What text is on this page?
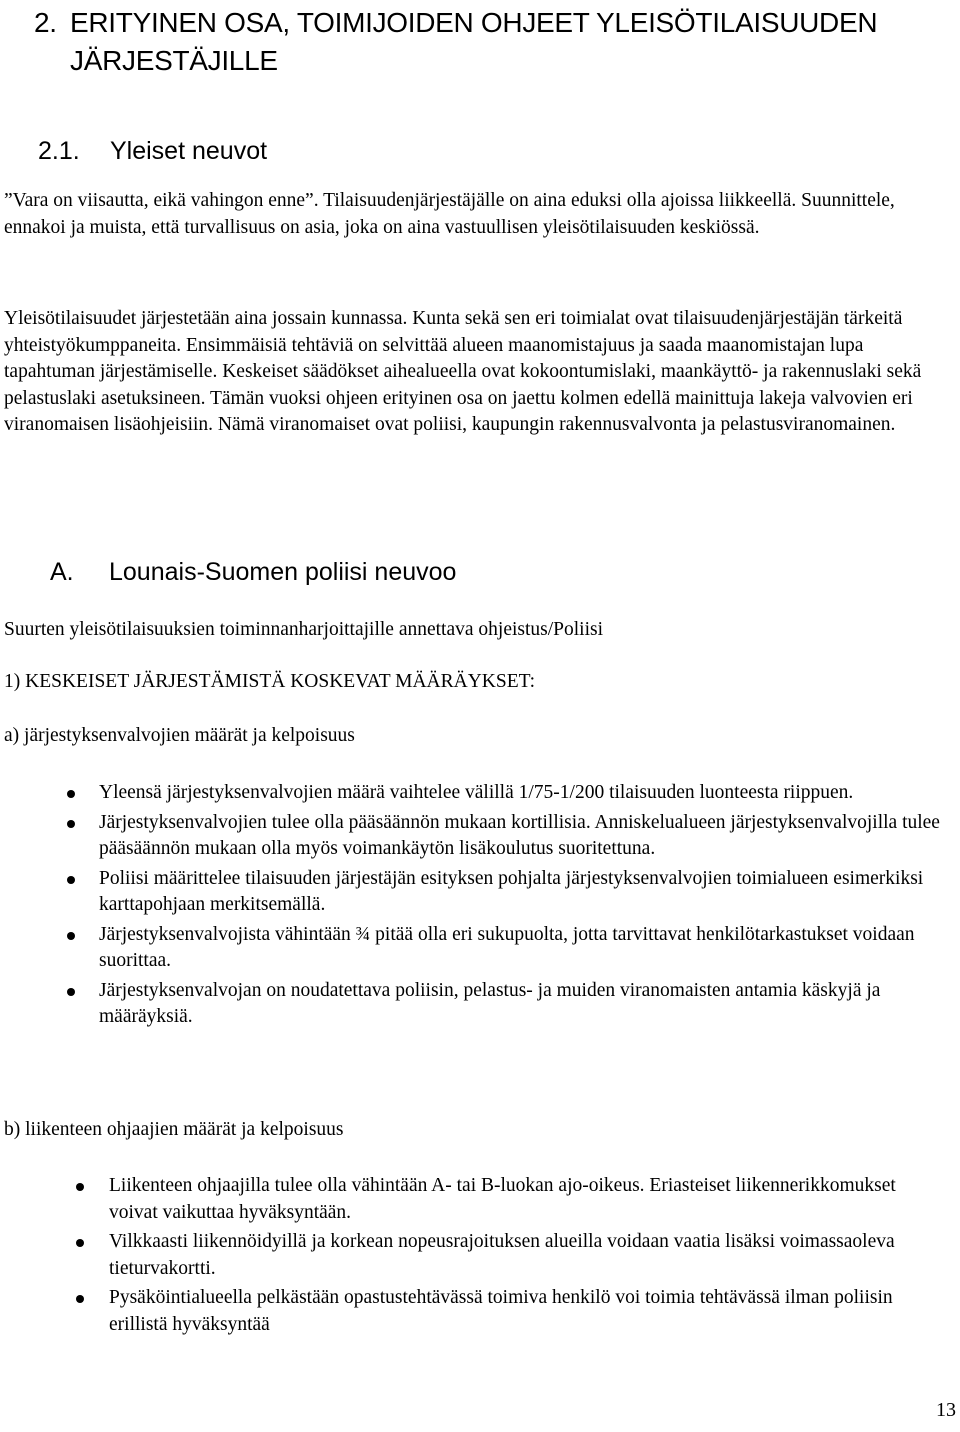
2. ERITYINEN OSA, TOIMIJOIDEN OHJEET YLEISÖTILAISUUDEN
JÄRJESTÄJILLE
2.1. Yleiset neuvot
”Vara on viisautta, eikä vahingon enne”. Tilaisuudenjärjestäjälle on aina eduksi olla ajoissa liikkeellä. Suunnittele, ennakoi ja muista, että turvallisuus on asia, joka on aina vastuullisen yleisötilaisuuden keskiössä.
Yleisötilaisuudet järjestetään aina jossain kunnassa. Kunta sekä sen eri toimialat ovat tilaisuudenjärjestäjän tärkeitä yhteistyökumppaneita. Ensimmäisiä tehtäviä on selvittää alueen maanomistajuus ja saada maanomistajan lupa tapahtuman järjestämiselle. Keskeiset säädökset aihealueella ovat kokoontumislaki, maankäyttö- ja rakennuslaki sekä pelastuslaki asetuksineen. Tämän vuoksi ohjeen erityinen osa on jaettu kolmen edellä mainittuja lakeja valvovien eri viranomaisen lisäohjeisiin. Nämä viranomaiset ovat poliisi, kaupungin rakennusvalvonta ja pelastusviranomainen.
A. Lounais-Suomen poliisi neuvoo
Suurten yleisötilaisuuksien toiminnanharjoittajille annettava ohjeistus/Poliisi
1) KESKEISET JÄRJESTÄMISTÄ KOSKEVAT MÄÄRÄYKSET:
a) järjestyksenvalvojien määrät ja kelpoisuus
Yleensä järjestyksenvalvojien määrä vaihtelee välillä 1/75-1/200 tilaisuuden luonteesta riippuen.
Järjestyksenvalvojien tulee olla pääsäännön mukaan kortillisia. Anniskelualueen järjestyksenvalvojilla tulee pääsäännön mukaan olla myös voimankäytön lisäkoulutus suoritettuna.
Poliisi määrittelee tilaisuuden järjestäjän esityksen pohjalta järjestyksenvalvojien toimialueen esimerkiksi karttapohjaan merkitsemällä.
Järjestyksenvalvojista vähintään ¾ pitää olla eri sukupuolta, jotta tarvittavat henkilötarkastukset voidaan suorittaa.
Järjestyksenvalvojan on noudatettava poliisin, pelastus- ja muiden viranomaisten antamia käskyjä ja määräyksiä.
b) liikenteen ohjaajien määrät ja kelpoisuus
Liikenteen ohjaajilla tulee olla vähintään A- tai B-luokan ajo-oikeus. Eriasteiset liikennerikkomukset voivat vaikuttaa hyväksyntään.
Vilkkaasti liikennöidyillä ja korkean nopeusrajoituksen alueilla voidaan vaatia lisäksi voimassaoleva tieturvakortti.
Pysäköintialueella pelkästään opastustehtävässä toimiva henkilö voi toimia tehtävässä ilman poliisin erillistä hyväksyntää
13
